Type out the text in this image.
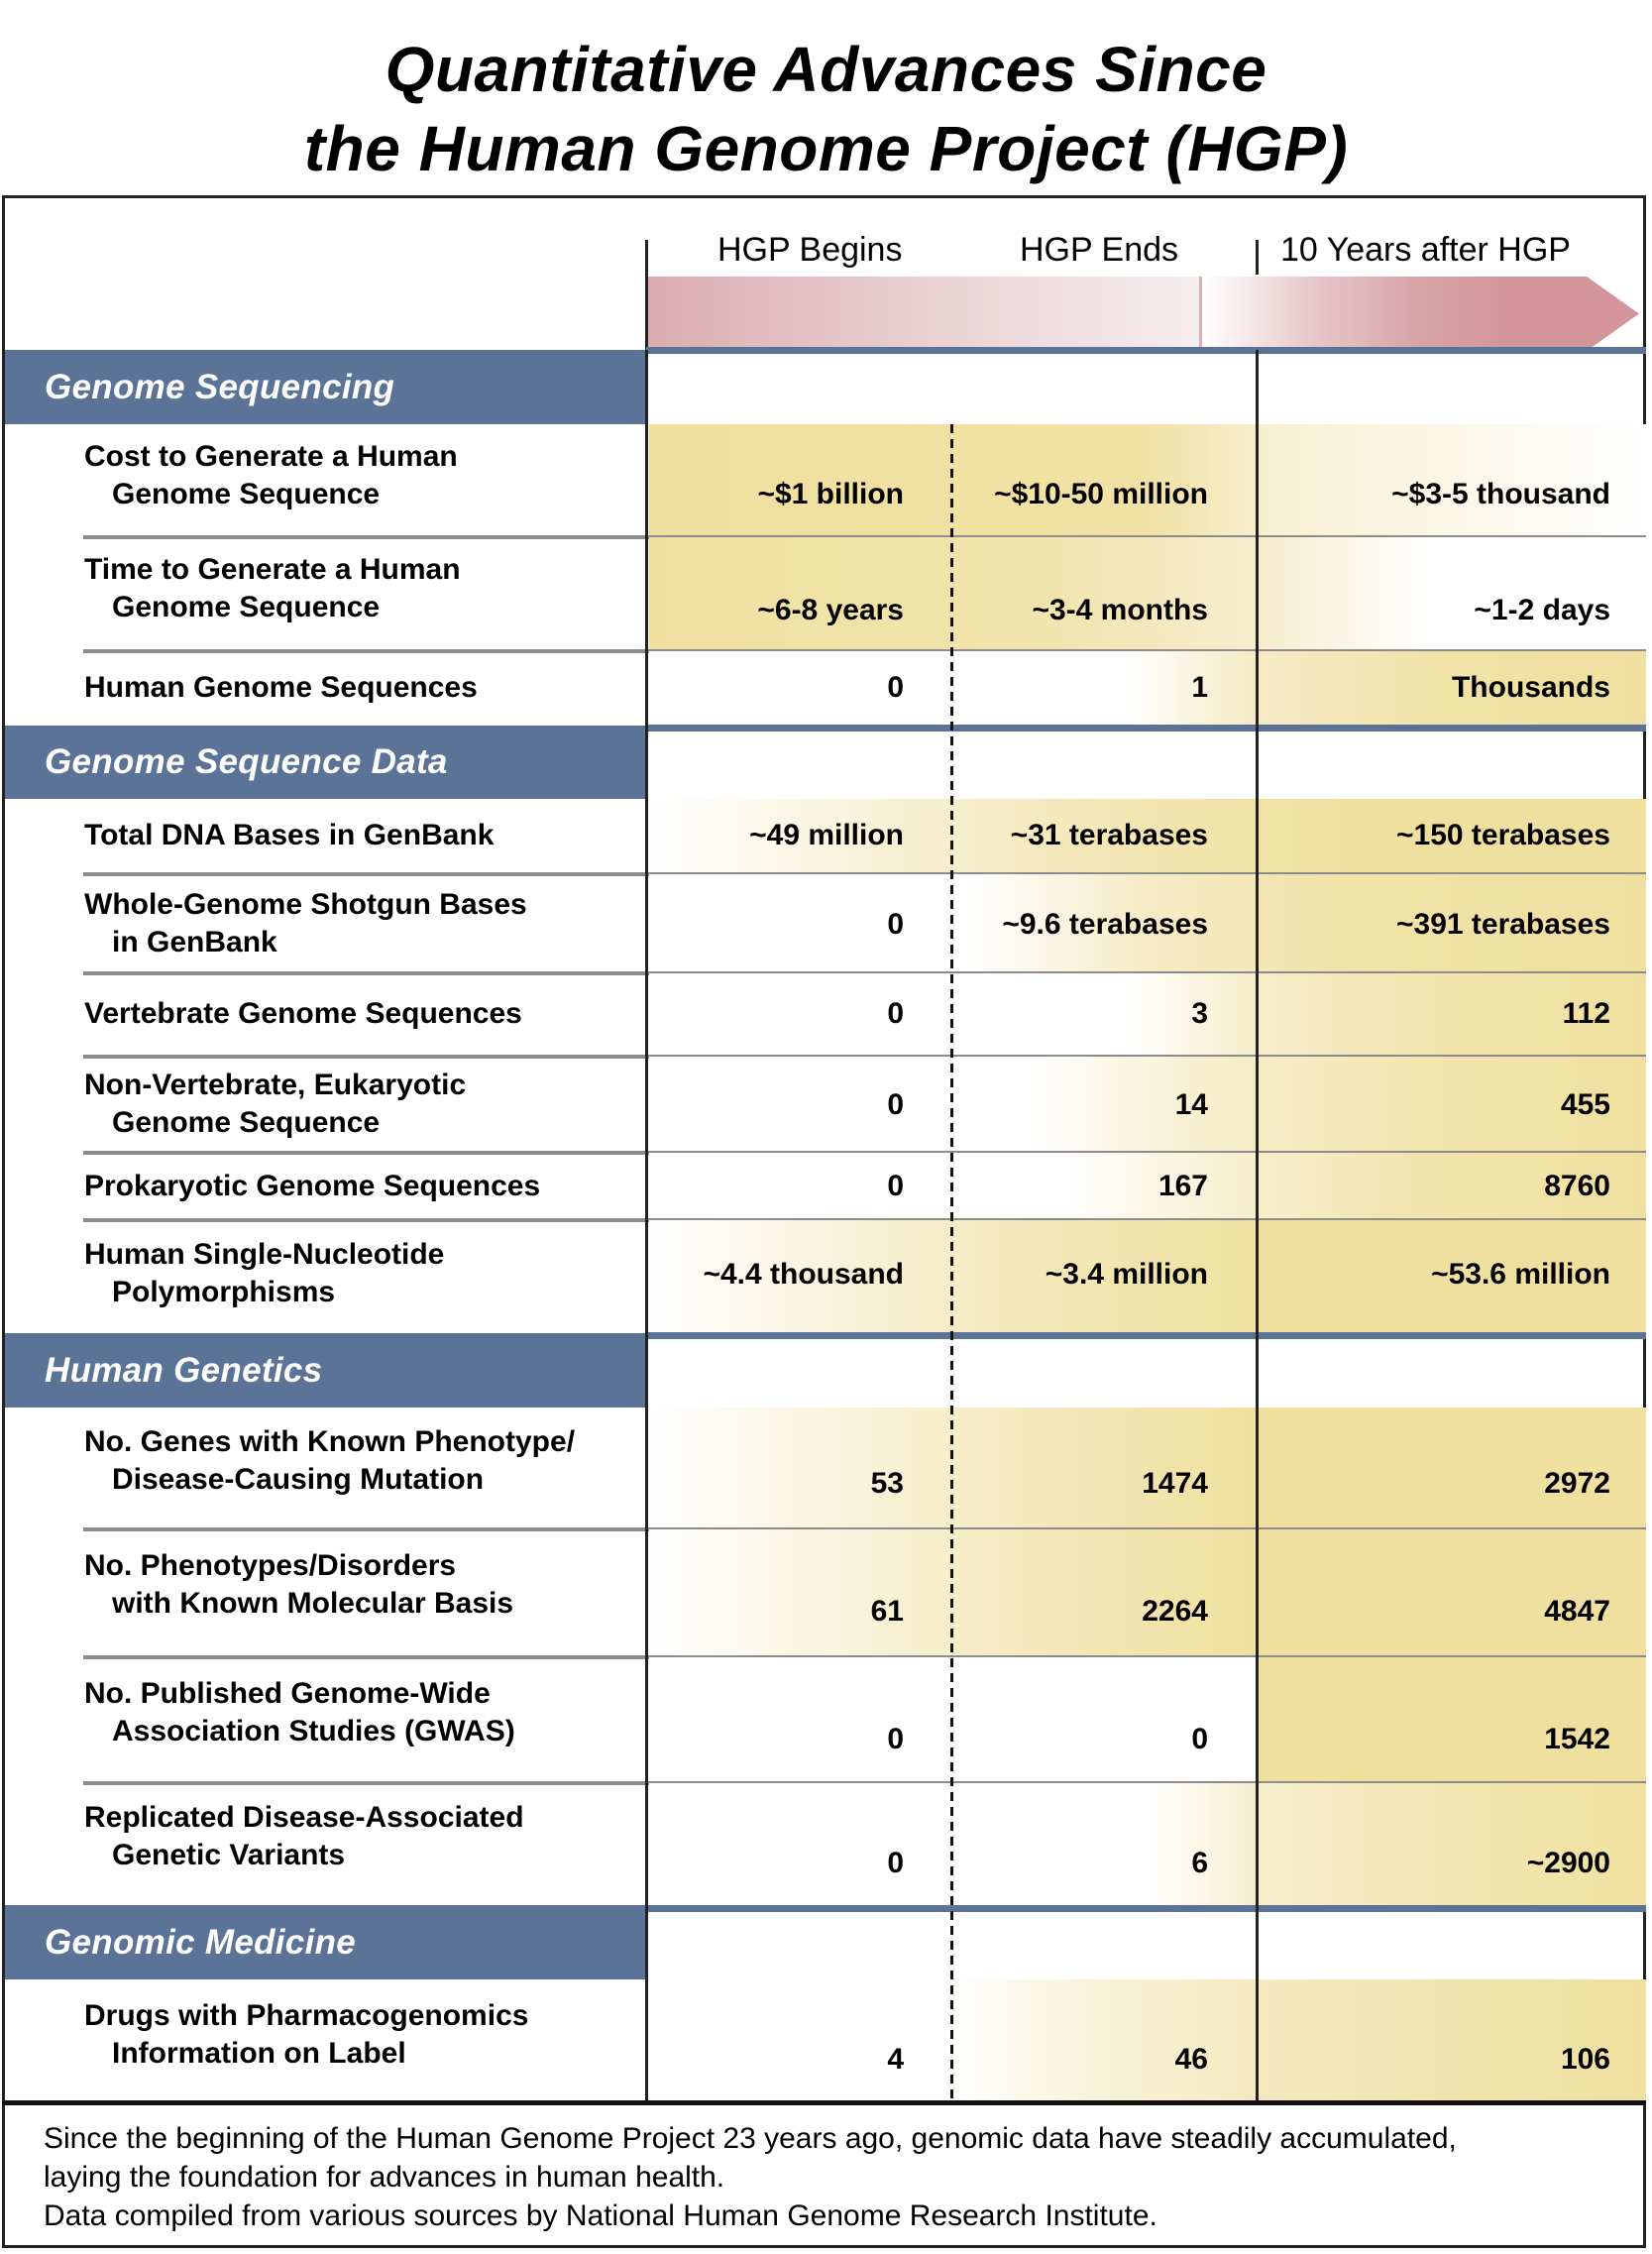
Quantitative Advances Since
the Human Genome Project (HGP)
HGP Begins	HGP Ends	10 Years after HGP
Genome Sequencing
Cost to Generate a Human
Genome Sequence	~$1 billion	~$10-50 million	~$3-5 thousand
Time to Generate a Human
Genome Sequence	~6-8 years	~3-4 months	~1-2 days
Human Genome Sequences	0	1	Thousands
Genome Sequence Data
Total DNA Bases in GenBank	~49 million	~31 terabases	~150 terabases
Whole-Genome Shotgun Bases
in GenBank
0	~9.6 terabases	~391 terabases
Vertebrate Genome Sequences	0	3	112
Non-Vertebrate, Eukaryotic
Genome Sequence
0	14	455
Prokaryotic Genome Sequences	0	167	8760
Human Single-Nucleotide
Polymorphisms
~4.4 thousand	~3.4 million	~53.6 million
Human Genetics
No. Genes with Known Phenotype/
Disease-Causing Mutation	53	1474	2972
No. Phenotypes/Disorders
with Known Molecular Basis	61	2264	4847
No. Published Genome-Wide
Association Studies (GWAS)	0	0	1542
Replicated Disease-Associated
Genetic Variants	0	6	~2900
Genomic Medicine
Drugs with Pharmacogenomics
Information on Label	4	46	106
Since the beginning of the Human Genome Project 23 years ago, genomic data have steadily accumulated,
laying the foundation for advances in human health.
Data compiled from various sources by National Human Genome Research Institute.
